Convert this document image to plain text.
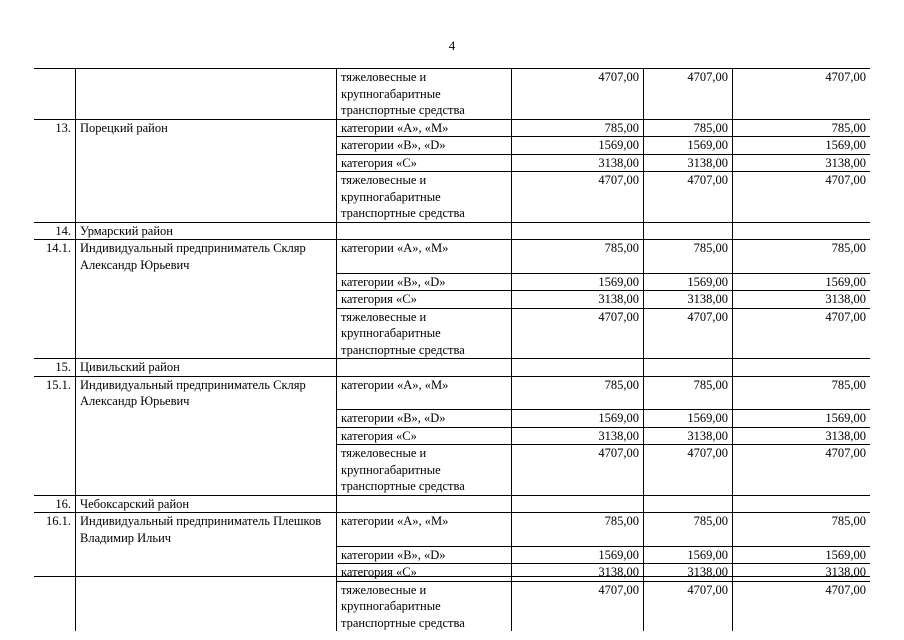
4
		тяжеловесные и крупногабаритные транспортные средства	4707,00	4707,00	4707,00
13.	Порецкий район	категории «А», «М»	785,00	785,00	785,00
		категории «В», «D»	1569,00	1569,00	1569,00
		категория «С»	3138,00	3138,00	3138,00
		тяжеловесные и крупногабаритные транспортные средства	4707,00	4707,00	4707,00
14.	Урмарский район				
14.1.	Индивидуальный предприниматель Скляр Александр Юрьевич	категории «А», «М»	785,00	785,00	785,00
		категории «В», «D»	1569,00	1569,00	1569,00
		категория «С»	3138,00	3138,00	3138,00
		тяжеловесные и крупногабаритные транспортные средства	4707,00	4707,00	4707,00
15.	Цивильский район				
15.1.	Индивидуальный предприниматель Скляр Александр Юрьевич	категории «А», «М»	785,00	785,00	785,00
		категории «В», «D»	1569,00	1569,00	1569,00
		категория «С»	3138,00	3138,00	3138,00
		тяжеловесные и крупногабаритные транспортные средства	4707,00	4707,00	4707,00
16.	Чебоксарский район				
16.1.	Индивидуальный предприниматель Плешков Владимир Ильич	категории «А», «М»	785,00	785,00	785,00
		категории «В», «D»	1569,00	1569,00	1569,00
		категория «С»	3138,00	3138,00	3138,00
		тяжеловесные и крупногабаритные транспортные средства	4707,00	4707,00	4707,00
